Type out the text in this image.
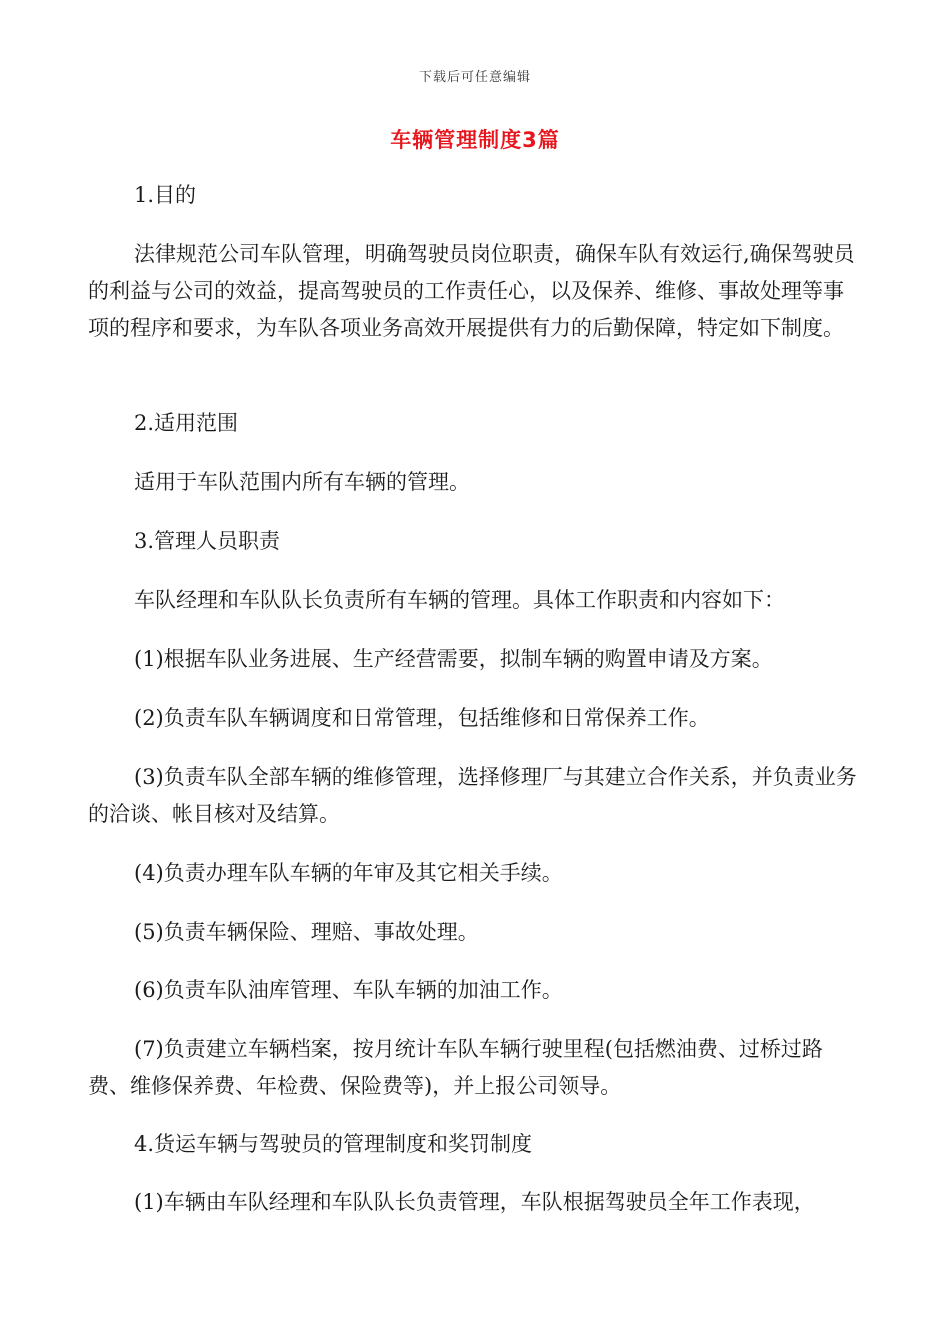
下载后可任意编辑
车辆管理制度3篇
1.目的
法律规范公司车队管理，明确驾驶员岗位职责，确保车队有效运行,确保驾驶员的利益与公司的效益，提高驾驶员的工作责任心，以及保养、维修、事故处理等事项的程序和要求，为车队各项业务高效开展提供有力的后勤保障，特定如下制度。
2.适用范围
适用于车队范围内所有车辆的管理。
3.管理人员职责
车队经理和车队队长负责所有车辆的管理。具体工作职责和内容如下：
(1)根据车队业务进展、生产经营需要，拟制车辆的购置申请及方案。
(2)负责车队车辆调度和日常管理，包括维修和日常保养工作。
(3)负责车队全部车辆的维修管理，选择修理厂与其建立合作关系，并负责业务的洽谈、帐目核对及结算。
(4)负责办理车队车辆的年审及其它相关手续。
(5)负责车辆保险、理赔、事故处理。
(6)负责车队油库管理、车队车辆的加油工作。
(7)负责建立车辆档案，按月统计车队车辆行驶里程(包括燃油费、过桥过路费、维修保养费、年检费、保险费等)，并上报公司领导。
4.货运车辆与驾驶员的管理制度和奖罚制度
(1)车辆由车队经理和车队队长负责管理，车队根据驾驶员全年工作表现，
